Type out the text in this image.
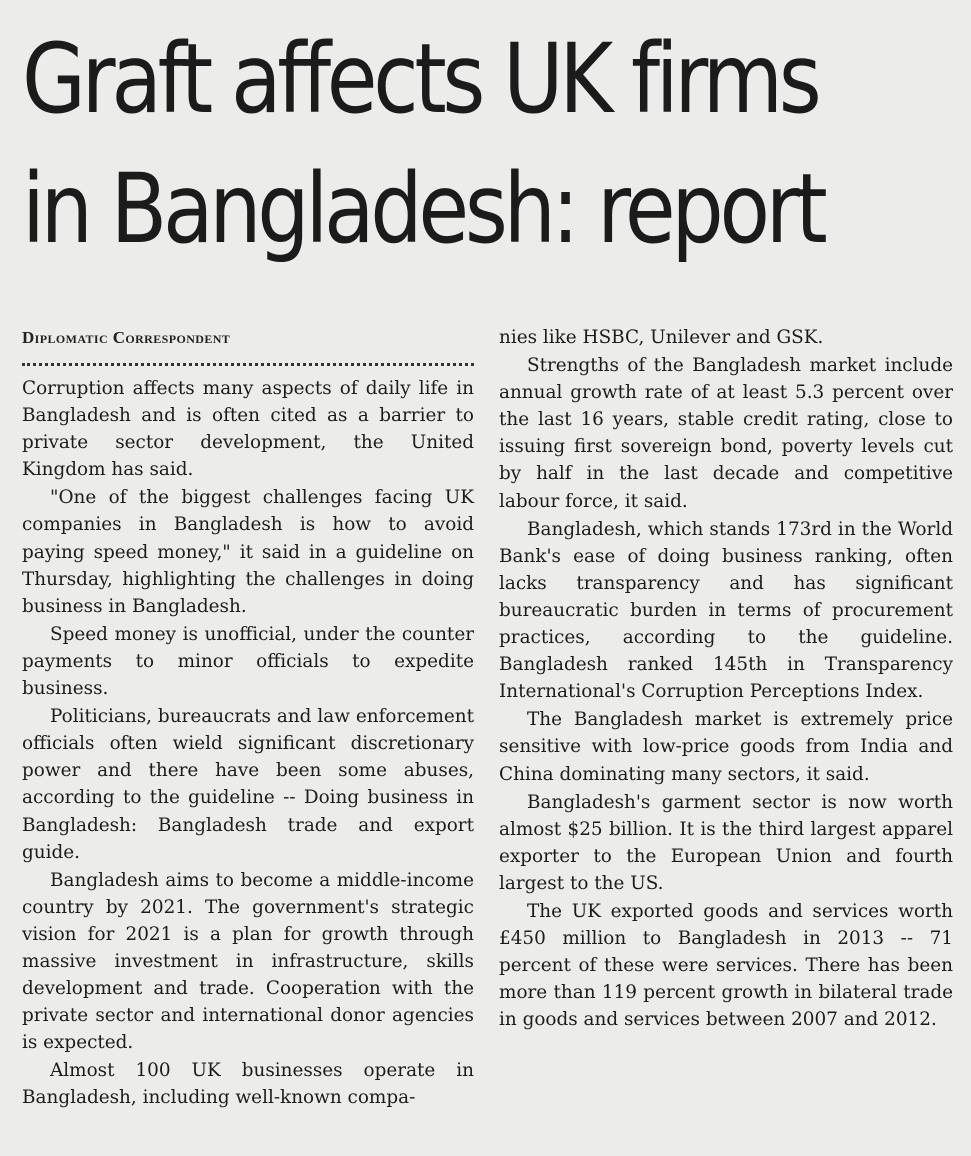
Graft affects UK firms
in Bangladesh: report
Diplomatic Correspondent

Corruption affects many aspects of daily life in Bangladesh and is often cited as a barrier to private sector development, the United Kingdom has said.

"One of the biggest challenges facing UK companies in Bangladesh is how to avoid paying speed money," it said in a guideline on Thursday, highlighting the challenges in doing business in Bangladesh.

Speed money is unofficial, under the counter payments to minor officials to expedite business.

Politicians, bureaucrats and law enforcement officials often wield significant discretionary power and there have been some abuses, according to the guideline -- Doing business in Bangladesh: Bangladesh trade and export guide.

Bangladesh aims to become a middle-income country by 2021. The government's strategic vision for 2021 is a plan for growth through massive investment in infrastructure, skills development and trade. Cooperation with the private sector and international donor agencies is expected.

Almost 100 UK businesses operate in Bangladesh, including well-known compa-

nies like HSBC, Unilever and GSK.

Strengths of the Bangladesh market include annual growth rate of at least 5.3 percent over the last 16 years, stable credit rating, close to issuing first sovereign bond, poverty levels cut by half in the last decade and competitive labour force, it said.

Bangladesh, which stands 173rd in the World Bank's ease of doing business ranking, often lacks transparency and has significant bureaucratic burden in terms of procurement practices, according to the guideline. Bangladesh ranked 145th in Transparency International's Corruption Perceptions Index.

The Bangladesh market is extremely price sensitive with low-price goods from India and China dominating many sectors, it said.

Bangladesh's garment sector is now worth almost $25 billion. It is the third largest apparel exporter to the European Union and fourth largest to the US.

The UK exported goods and services worth £450 million to Bangladesh in 2013 -- 71 percent of these were services. There has been more than 119 percent growth in bilateral trade in goods and services between 2007 and 2012.
